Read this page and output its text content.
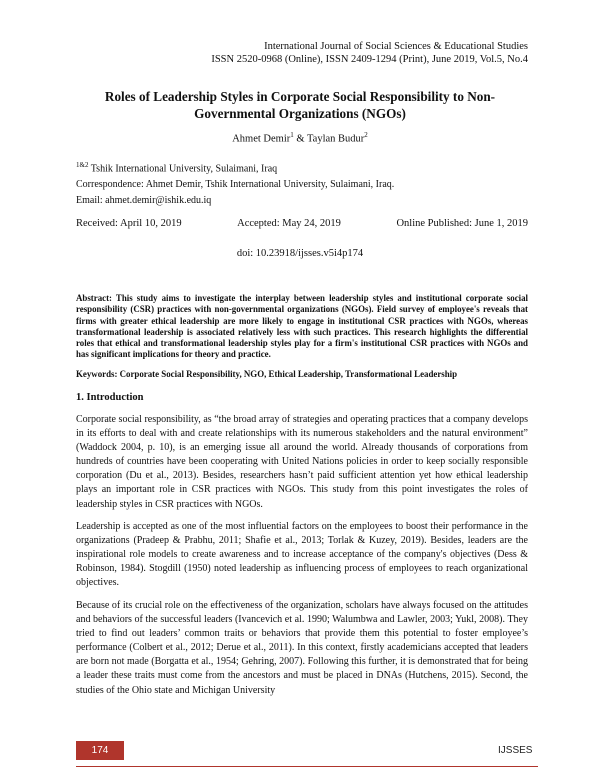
International Journal of Social Sciences & Educational Studies
ISSN 2520-0968 (Online), ISSN 2409-1294 (Print), June 2019, Vol.5, No.4
Roles of Leadership Styles in Corporate Social Responsibility to Non-
Governmental Organizations (NGOs)
Ahmet Demir$^1$ & Taylan Budur$^2$
$^{1\&2}$ Tshik International University, Sulaimani, Iraq
Correspondence: Ahmet Demir, Tshik International University, Sulaimani, Iraq.
Email: ahmet.demir@ishik.edu.iq
Received: April 10, 2019	Accepted: May 24, 2019	Online Published: June 1, 2019
doi: 10.23918/ijsses.v5i4p174
Abstract: This study aims to investigate the interplay between leadership styles and institutional corporate social responsibility (CSR) practices with non-governmental organizations (NGOs). Field survey of employee's reveals that firms with greater ethical leadership are more likely to engage in institutional CSR practices with NGOs, whereas transformational leadership is associated relatively less with such practices. This research highlights the differential roles that ethical and transformational leadership styles play for a firm's institutional CSR practices with NGOs and has significant implications for theory and practice.
Keywords: Corporate Social Responsibility, NGO, Ethical Leadership, Transformational Leadership
1. Introduction

Corporate social responsibility, as “the broad array of strategies and operating practices that a company develops in its efforts to deal with and create relationships with its numerous stakeholders and the natural environment” (Waddock 2004, p. 10), is an emerging issue all around the world. Already thousands of corporations from hundreds of countries have been cooperating with United Nations policies in order to keep socially responsible corporation (Du et al., 2013). Besides, researchers hasn’t paid sufficient attention yet how ethical leadership plays an important role in CSR practices with NGOs. This study from this point investigates the roles of leadership styles in CSR practices with NGOs.

Leadership is accepted as one of the most influential factors on the employees to boost their performance in the organizations (Pradeep & Prabhu, 2011; Shafie et al., 2013; Torlak & Kuzey, 2019). Besides, leaders are the inspirational role models to create awareness and to increase acceptance of the company's objectives (Dess & Robinson, 1984). Stogdill (1950) noted leadership as influencing process of employees to reach organizational objectives.

Because of its crucial role on the effectiveness of the organization, scholars have always focused on the attitudes and behaviors of the successful leaders (Ivancevich et al. 1990; Walumbwa and Lawler, 2003; Yukl, 2008). They tried to find out leaders’ common traits or behaviors that provide them this potential to foster employee’s performance (Colbert et al., 2012; Derue et al., 2011). In this context, firstly academicians accepted that leaders are born not made (Borgatta et al., 1954; Gehring, 2007). Following this further, it is demonstrated that for being a leader these traits must come from the ancestors and must be placed in DNAs (Hutchens, 2015). Second, the studies of the Ohio state and Michigan University

174	IJSSES
